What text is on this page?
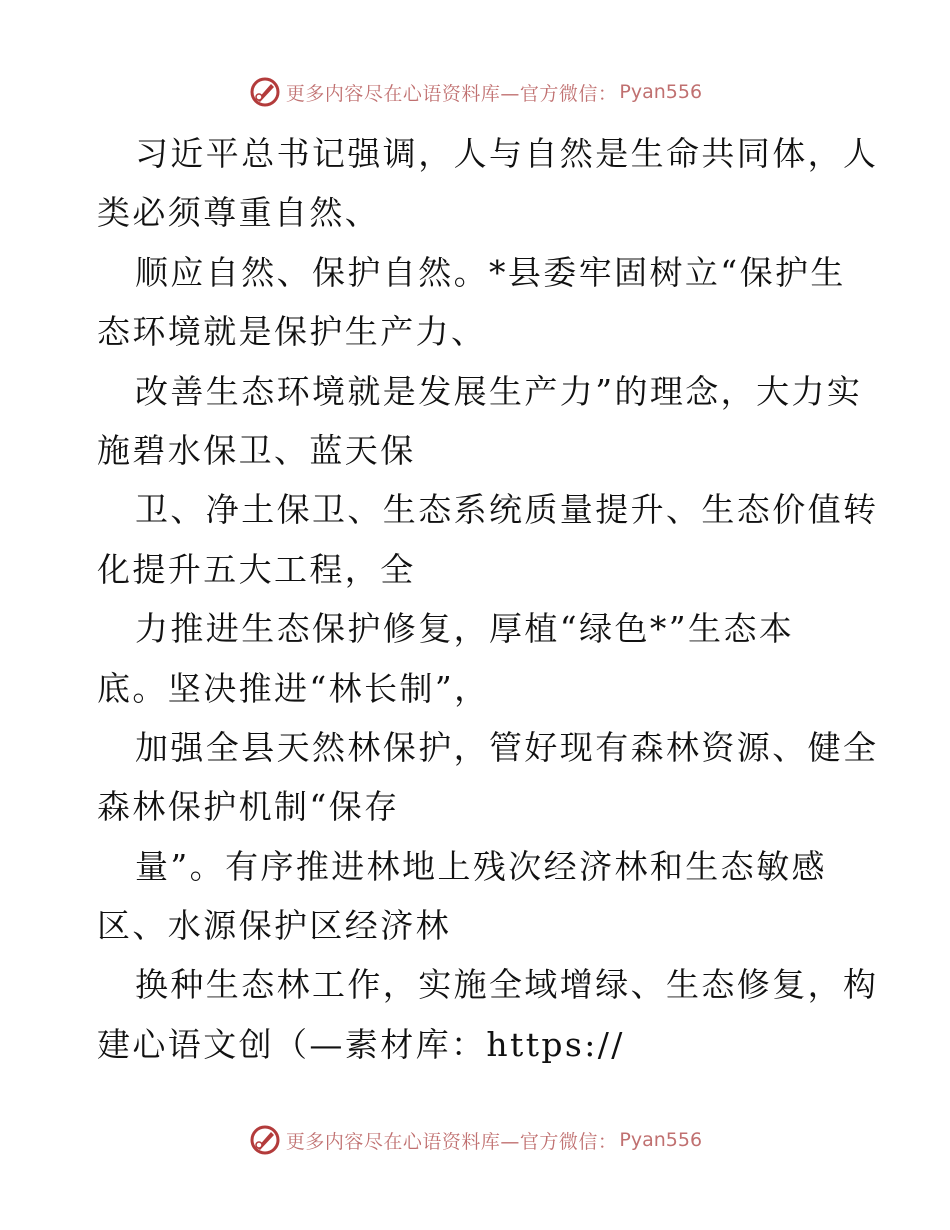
更多内容尽在心语资料库—官方微信： Pyan556
习近平总书记强调，人与自然是生命共同体，人
类必须尊重自然、
顺应自然、保护自然。*县委牢固树立“保护生
态环境就是保护生产力、
改善生态环境就是发展生产力”的理念，大力实
施碧水保卫、蓝天保
卫、净土保卫、生态系统质量提升、生态价值转
化提升五大工程，全
力推进生态保护修复，厚植“绿色*”生态本
底。坚决推进“林长制”，
加强全县天然林保护，管好现有森林资源、健全
森林保护机制“保存
量”。有序推进林地上残次经济林和生态敏感
区、水源保护区经济林
换种生态林工作，实施全域增绿、生态修复，构
建心语文创（—素材库：https://
更多内容尽在心语资料库—官方微信： Pyan556
